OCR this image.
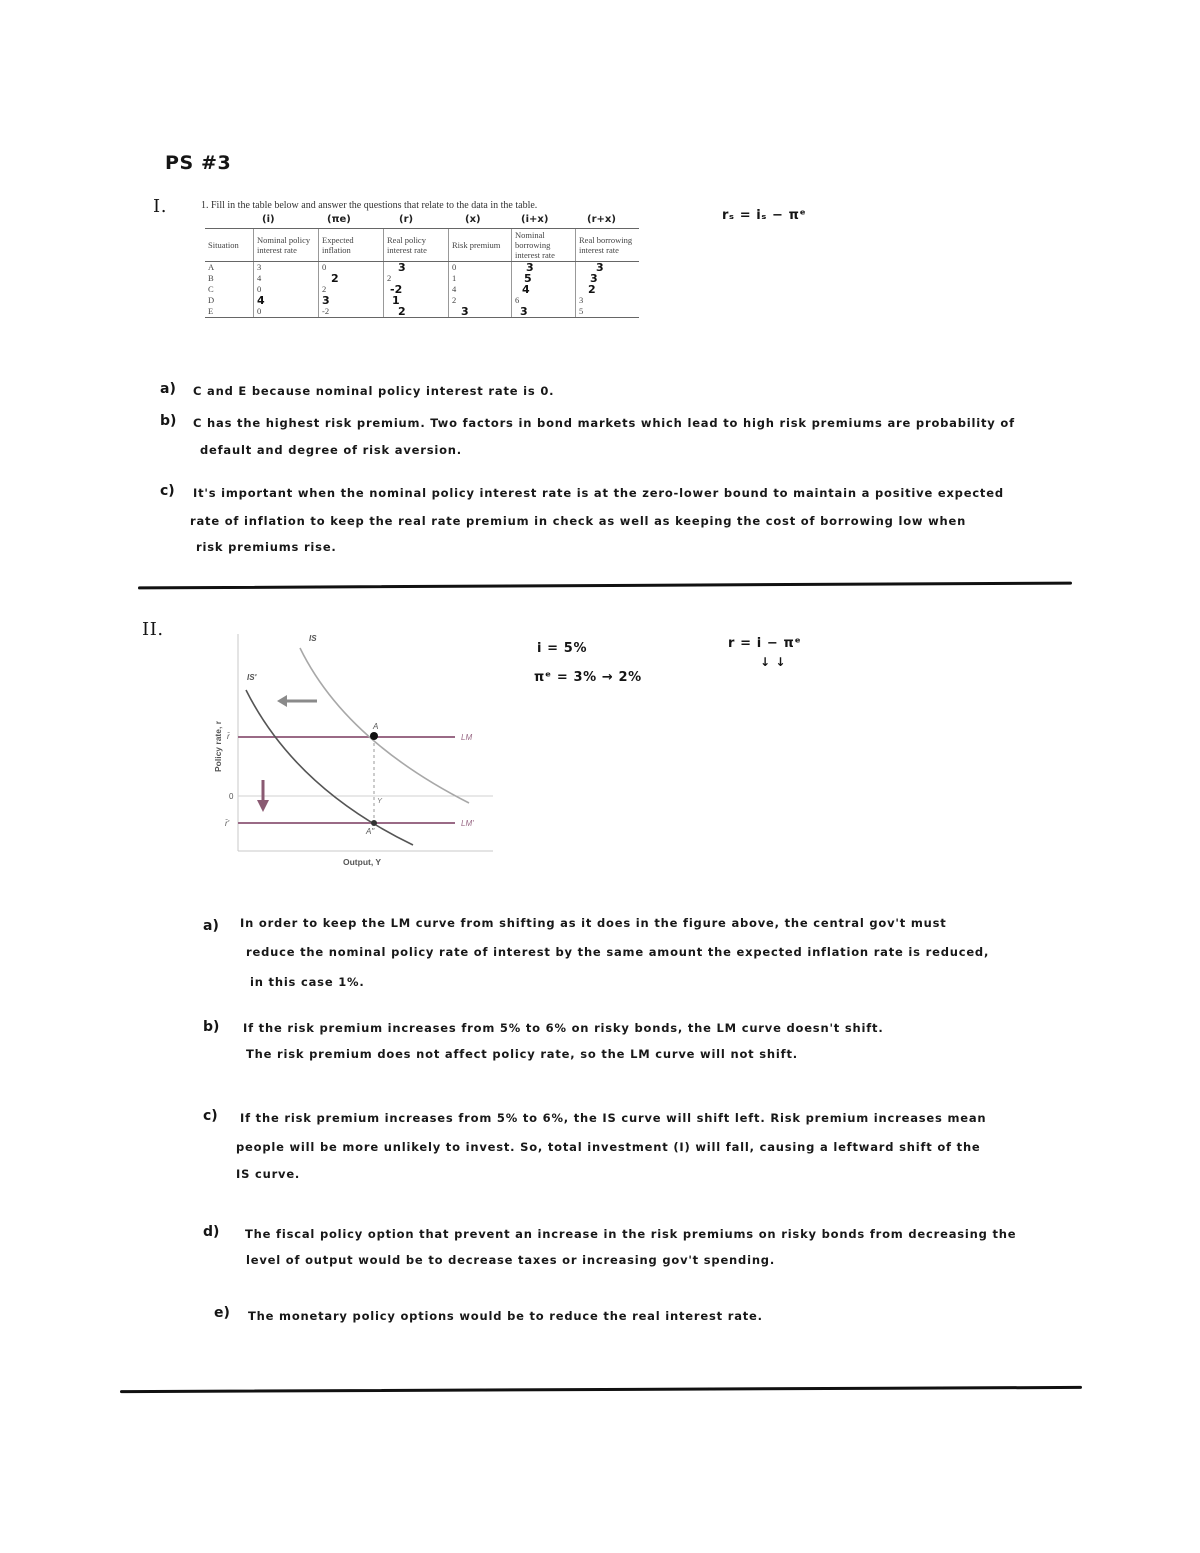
PS #3
I.	1. Fill in the table below and answer the questions that relate to the data in the table.
rₛ = iₛ − πᵉ
(i)	(πe)	(r)	(x)	(i+x)	(r+x)
Situation	Nominal policy interest rate	Expected inflation	Real policy interest rate	Risk premium	Nominal borrowing interest rate	Real borrowing interest rate
A	3	0	3	0	3	3
B	4	2	2	1	5	3
C	0	2	-2	4	4	2
D	4	3	1	2	6	3
E	0	-2	2	3	3	5
a) C and E because nominal policy interest rate is 0.
b) C has the highest risk premium. Two factors in bond markets which lead to high risk premiums are probability of
default and degree of risk aversion.
c) It's important when the nominal policy interest rate is at the zero-lower bound to maintain a positive expected
rate of inflation to keep the real rate premium in check as well as keeping the cost of borrowing low when
risk premiums rise.
II.
i = 5%
πᵉ = 3% → 2%
r = i − πᵉ
↓ ↓
IS
IS'
LM
LM'
A
A"
Y
r̄
0
r̄'
Output, Y
Policy rate, r
a) In order to keep the LM curve from shifting as it does in the figure above, the central gov't must
reduce the nominal policy rate of interest by the same amount the expected inflation rate is reduced,
in this case 1%.
b) If the risk premium increases from 5% to 6% on risky bonds, the LM curve doesn't shift.
The risk premium does not affect policy rate, so the LM curve will not shift.
c) If the risk premium increases from 5% to 6%, the IS curve will shift left. Risk premium increases mean
people will be more unlikely to invest. So, total investment (I) will fall, causing a leftward shift of the
IS curve.
d) The fiscal policy option that prevent an increase in the risk premiums on risky bonds from decreasing the
level of output would be to decrease taxes or increasing gov't spending.
e) The monetary policy options would be to reduce the real interest rate.
